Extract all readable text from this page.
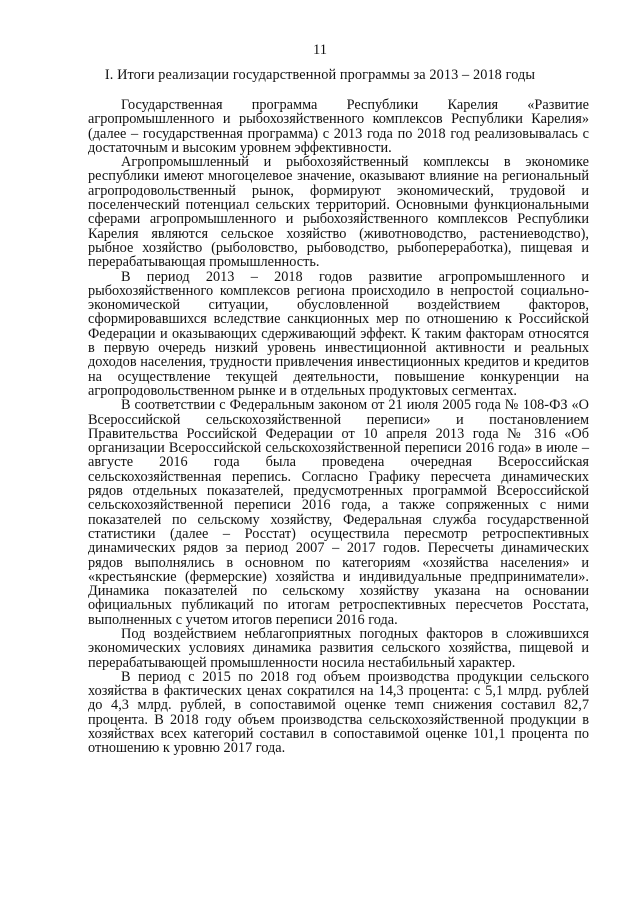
11
I. Итоги реализации государственной программы за 2013 – 2018 годы

Государственная программа Республики Карелия «Развитие агропромышленного и рыбохозяйственного комплексов Республики Карелия» (далее – государственная программа) с 2013 года по 2018 год реализовывалась с достаточным и высоким уровнем эффективности.

Агропромышленный и рыбохозяйственный комплексы в экономике республики имеют многоцелевое значение, оказывают влияние на региональный агропродовольственный рынок, формируют экономический, трудовой и поселенческий потенциал сельских территорий. Основными функциональными сферами агропромышленного и рыбохозяйственного комплексов Республики Карелия являются сельское хозяйство (животноводство, растениеводство), рыбное хозяйство (рыболовство, рыбоводство, рыбопереработка), пищевая и перерабатывающая промышленность.

В период 2013 – 2018 годов развитие агропромышленного и рыбохозяйственного комплексов региона происходило в непростой социально-экономической ситуации, обусловленной воздействием факторов, сформировавшихся вследствие санкционных мер по отношению к Российской Федерации и оказывающих сдерживающий эффект. К таким факторам относятся в первую очередь низкий уровень инвестиционной активности и реальных доходов населения, трудности привлечения инвестиционных кредитов и кредитов на осуществление текущей деятельности, повышение конкуренции на агропродовольственном рынке и в отдельных продуктовых сегментах.

В соответствии с Федеральным законом от 21 июля 2005 года № 108-ФЗ «О Всероссийской сельскохозяйственной переписи» и постановлением Правительства Российской Федерации от 10 апреля 2013 года № 316 «Об организации Всероссийской сельскохозяйственной переписи 2016 года» в июле – августе 2016 года была проведена очередная Всероссийская сельскохозяйственная перепись. Согласно Графику пересчета динамических рядов отдельных показателей, предусмотренных программой Всероссийской сельскохозяйственной переписи 2016 года, а также сопряженных с ними показателей по сельскому хозяйству, Федеральная служба государственной статистики (далее – Росстат) осуществила пересмотр ретроспективных динамических рядов за период 2007 – 2017 годов. Пересчеты динамических рядов выполнялись в основном по категориям «хозяйства населения» и «крестьянские (фермерские) хозяйства и индивидуальные предприниматели». Динамика показателей по сельскому хозяйству указана на основании официальных публикаций по итогам ретроспективных пересчетов Росстата, выполненных с учетом итогов переписи 2016 года.

Под воздействием неблагоприятных погодных факторов в сложившихся экономических условиях динамика развития сельского хозяйства, пищевой и перерабатывающей промышленности носила нестабильный характер.

В период с 2015 по 2018 год объем производства продукции сельского хозяйства в фактических ценах сократился на 14,3 процента: с 5,1 млрд. рублей до 4,3 млрд. рублей, в сопоставимой оценке темп снижения составил 82,7 процента. В 2018 году объем производства сельскохозяйственной продукции в хозяйствах всех категорий составил в сопоставимой оценке 101,1 процента по отношению к уровню 2017 года.
